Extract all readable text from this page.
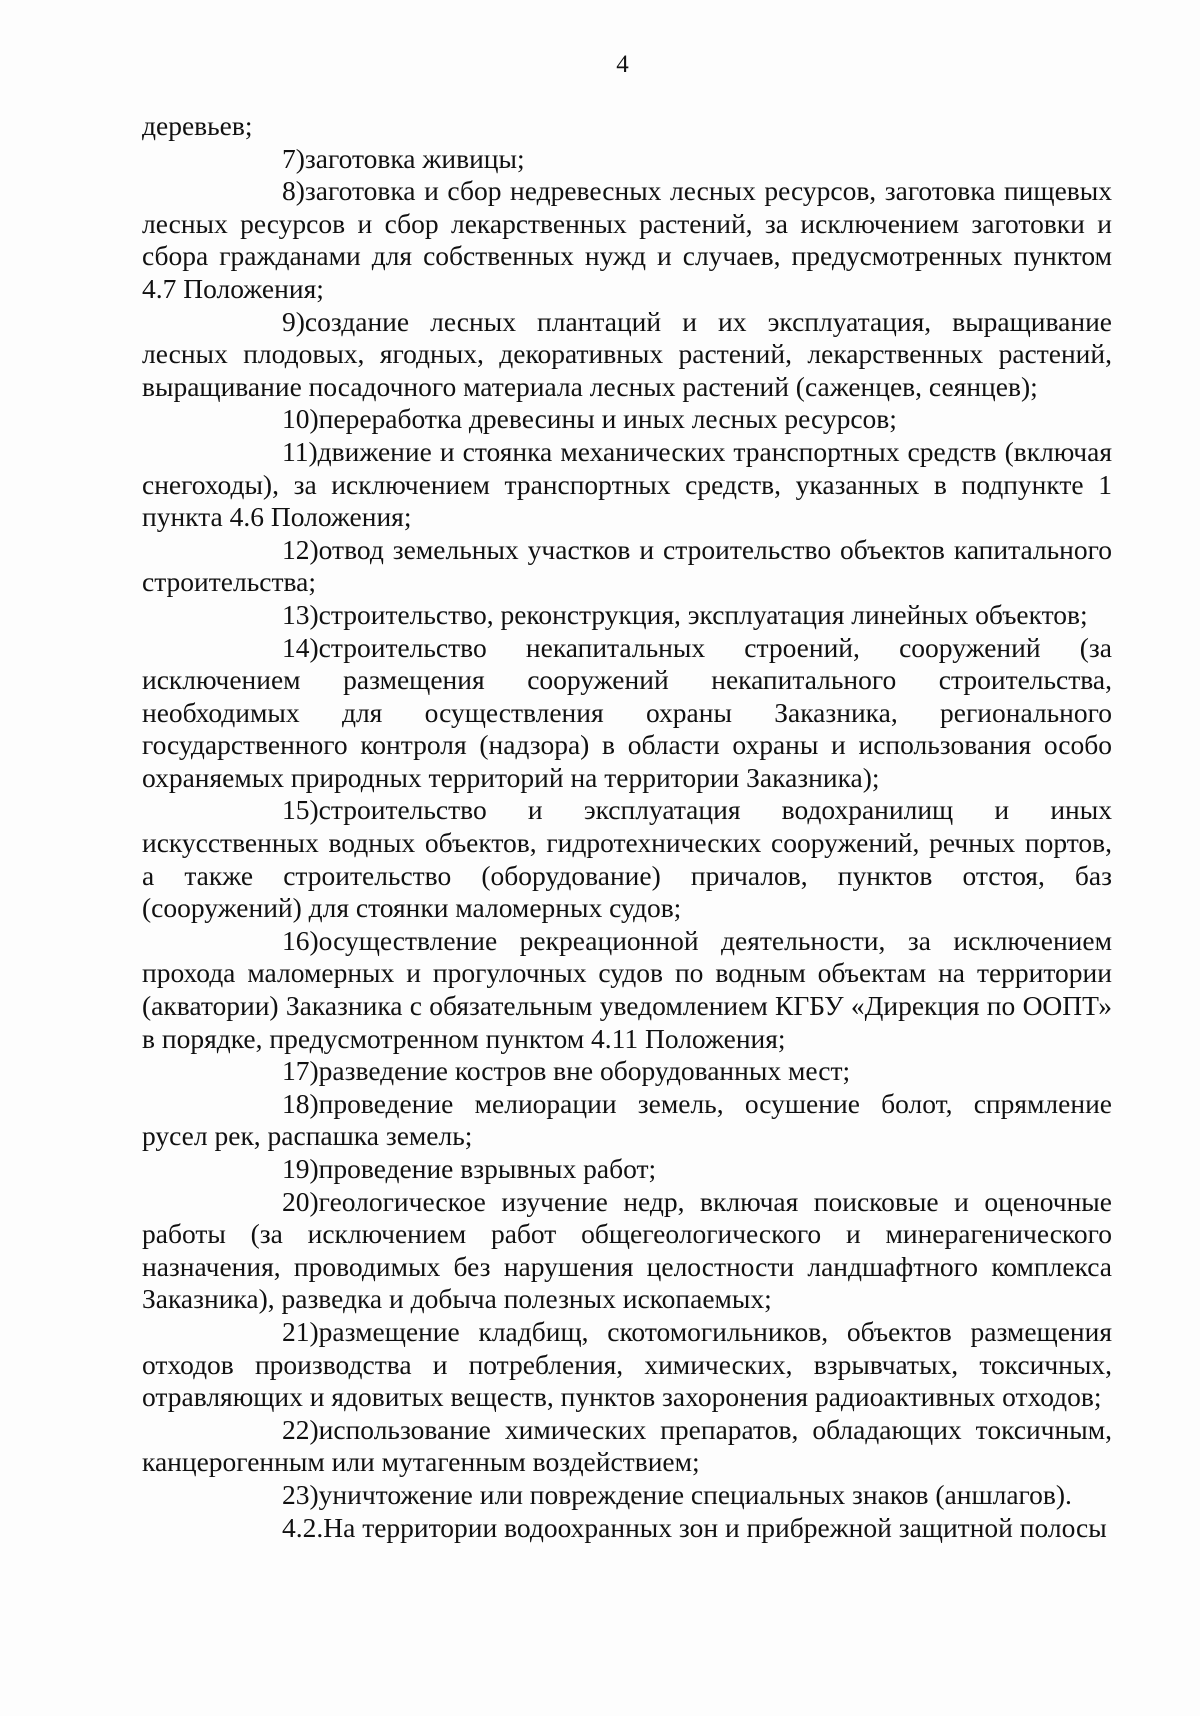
4

деревьев;

7)заготовка живицы;

8)заготовка и сбор недревесных лесных ресурсов, заготовка пищевых лесных ресурсов и сбор лекарственных растений, за исключением заготовки и сбора гражданами для собственных нужд и случаев, предусмотренных пунктом 4.7 Положения;

9)создание лесных плантаций и их эксплуатация, выращивание лесных плодовых, ягодных, декоративных растений, лекарственных растений, выращивание посадочного материала лесных растений (саженцев, сеянцев);

10)переработка древесины и иных лесных ресурсов;

11)движение и стоянка механических транспортных средств (включая снегоходы), за исключением транспортных средств, указанных в подпункте 1 пункта 4.6 Положения;

12)отвод земельных участков и строительство объектов капитального строительства;

13)строительство, реконструкция, эксплуатация линейных объектов;

14)строительство некапитальных строений, сооружений (за исключением размещения сооружений некапитального строительства, необходимых для осуществления охраны Заказника, регионального государственного контроля (надзора) в области охраны и использования особо охраняемых природных территорий на территории Заказника);

15)строительство и эксплуатация водохранилищ и иных искусственных водных объектов, гидротехнических сооружений, речных портов, а также строительство (оборудование) причалов, пунктов отстоя, баз (сооружений) для стоянки маломерных судов;

16)осуществление рекреационной деятельности, за исключением прохода маломерных и прогулочных судов по водным объектам на территории (акватории) Заказника с обязательным уведомлением КГБУ «Дирекция по ООПТ» в порядке, предусмотренном пунктом 4.11 Положения;

17)разведение костров вне оборудованных мест;

18)проведение мелиорации земель, осушение болот, спрямление русел рек, распашка земель;

19)проведение взрывных работ;

20)геологическое изучение недр, включая поисковые и оценочные работы (за исключением работ общегеологического и минерагенического назначения, проводимых без нарушения целостности ландшафтного комплекса Заказника), разведка и добыча полезных ископаемых;

21)размещение кладбищ, скотомогильников, объектов размещения отходов производства и потребления, химических, взрывчатых, токсичных, отравляющих и ядовитых веществ, пунктов захоронения радиоактивных отходов;

22)использование химических препаратов, обладающих токсичным, канцерогенным или мутагенным воздействием;

23)уничтожение или повреждение специальных знаков (аншлагов).

4.2.На территории водоохранных зон и прибрежной защитной полосы
